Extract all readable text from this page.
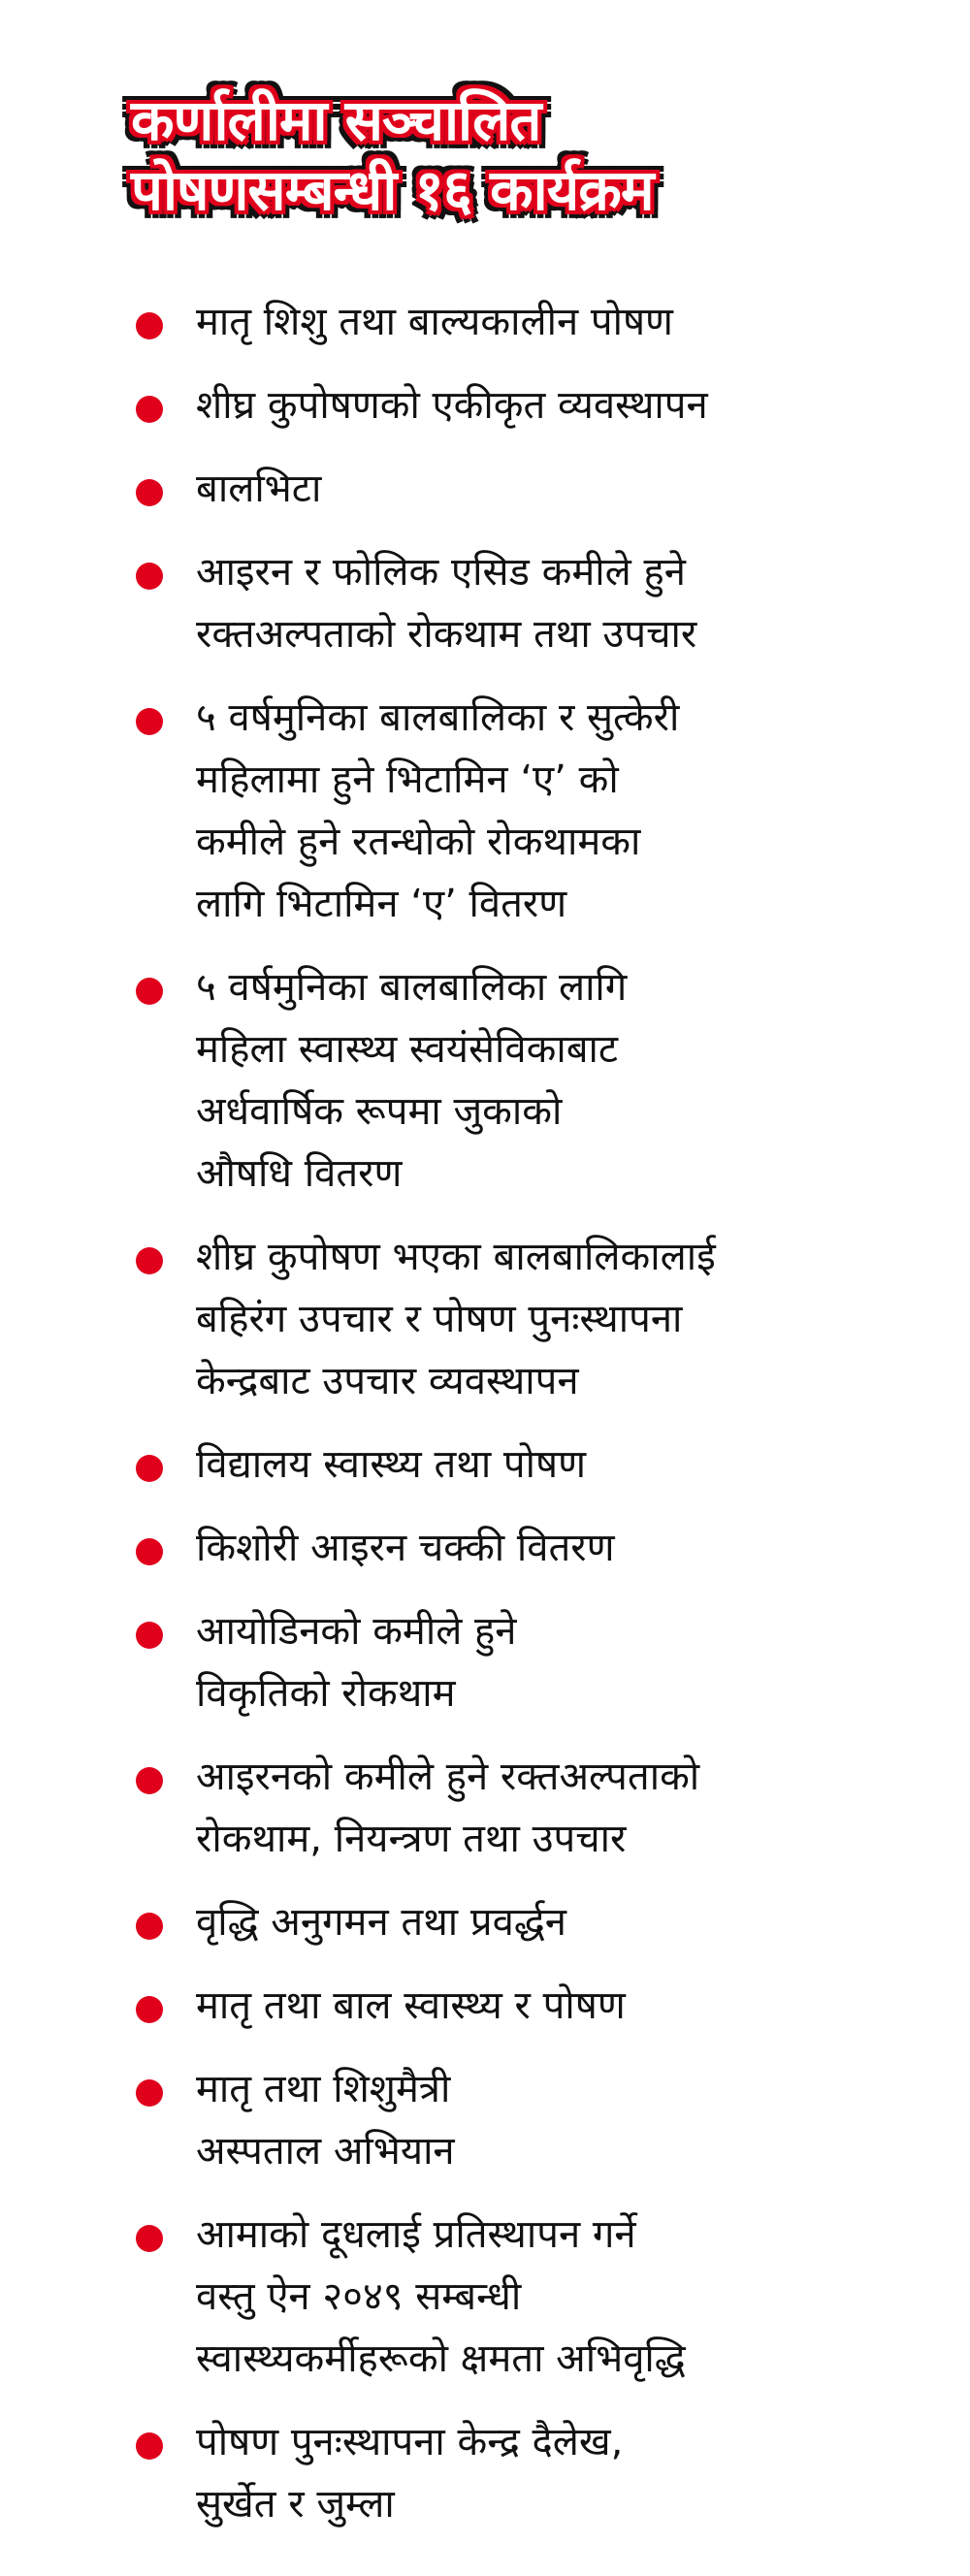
कर्णालीमा सञ्चालित
पोषणसम्बन्धी १६ कार्यक्रम
मातृ शिशु तथा बाल्यकालीन पोषण
शीघ्र कुपोषणको एकीकृत व्यवस्थापन
बालभिटा
आइरन र फोलिक एसिड कमीले हुने
रक्तअल्पताको रोकथाम तथा उपचार
५ वर्षमुनिका बालबालिका र सुत्केरी
महिलामा हुने भिटामिन ‘ए’ को
कमीले हुने रतन्धोको रोकथामका
लागि भिटामिन ‘ए’ वितरण
५ वर्षमुनिका बालबालिका लागि
महिला स्वास्थ्य स्वयंसेविकाबाट
अर्धवार्षिक रूपमा जुकाको
औषधि वितरण
शीघ्र कुपोषण भएका बालबालिकालाई
बहिरंग उपचार र पोषण पुनःस्थापना
केन्द्रबाट उपचार व्यवस्थापन
विद्यालय स्वास्थ्य तथा पोषण
किशोरी आइरन चक्की वितरण
आयोडिनको कमीले हुने
विकृतिको रोकथाम
आइरनको कमीले हुने रक्तअल्पताको
रोकथाम, नियन्त्रण तथा उपचार
वृद्धि अनुगमन तथा प्रवर्द्धन
मातृ तथा बाल स्वास्थ्य र पोषण
मातृ तथा शिशुमैत्री
अस्पताल अभियान
आमाको दूधलाई प्रतिस्थापन गर्ने
वस्तु ऐन २०४९ सम्बन्धी
स्वास्थ्यकर्मीहरूको क्षमता अभिवृद्धि
पोषण पुनःस्थापना केन्द्र दैलेख,
सुर्खेत र जुम्ला
